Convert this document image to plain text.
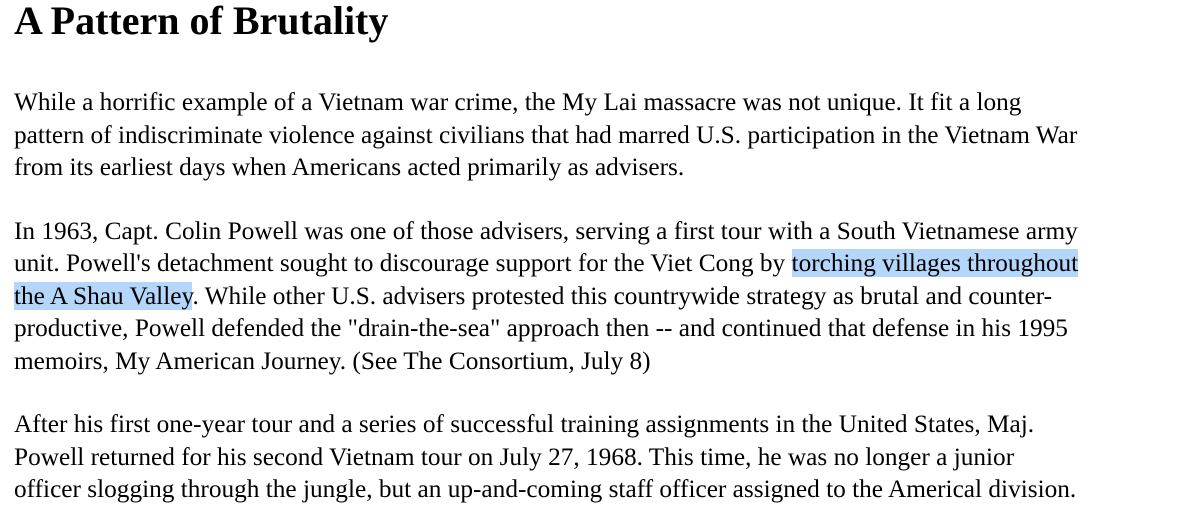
A Pattern of Brutality

While a horrific example of a Vietnam war crime, the My Lai massacre was not unique. It fit a long
pattern of indiscriminate violence against civilians that had marred U.S. participation in the Vietnam War
from its earliest days when Americans acted primarily as advisers.

In 1963, Capt. Colin Powell was one of those advisers, serving a first tour with a South Vietnamese army
unit. Powell's detachment sought to discourage support for the Viet Cong by torching villages throughout
the A Shau Valley. While other U.S. advisers protested this countrywide strategy as brutal and counter-
productive, Powell defended the "drain-the-sea" approach then -- and continued that defense in his 1995
memoirs, My American Journey. (See The Consortium, July 8)

After his first one-year tour and a series of successful training assignments in the United States, Maj.
Powell returned for his second Vietnam tour on July 27, 1968. This time, he was no longer a junior
officer slogging through the jungle, but an up-and-coming staff officer assigned to the Americal division.
